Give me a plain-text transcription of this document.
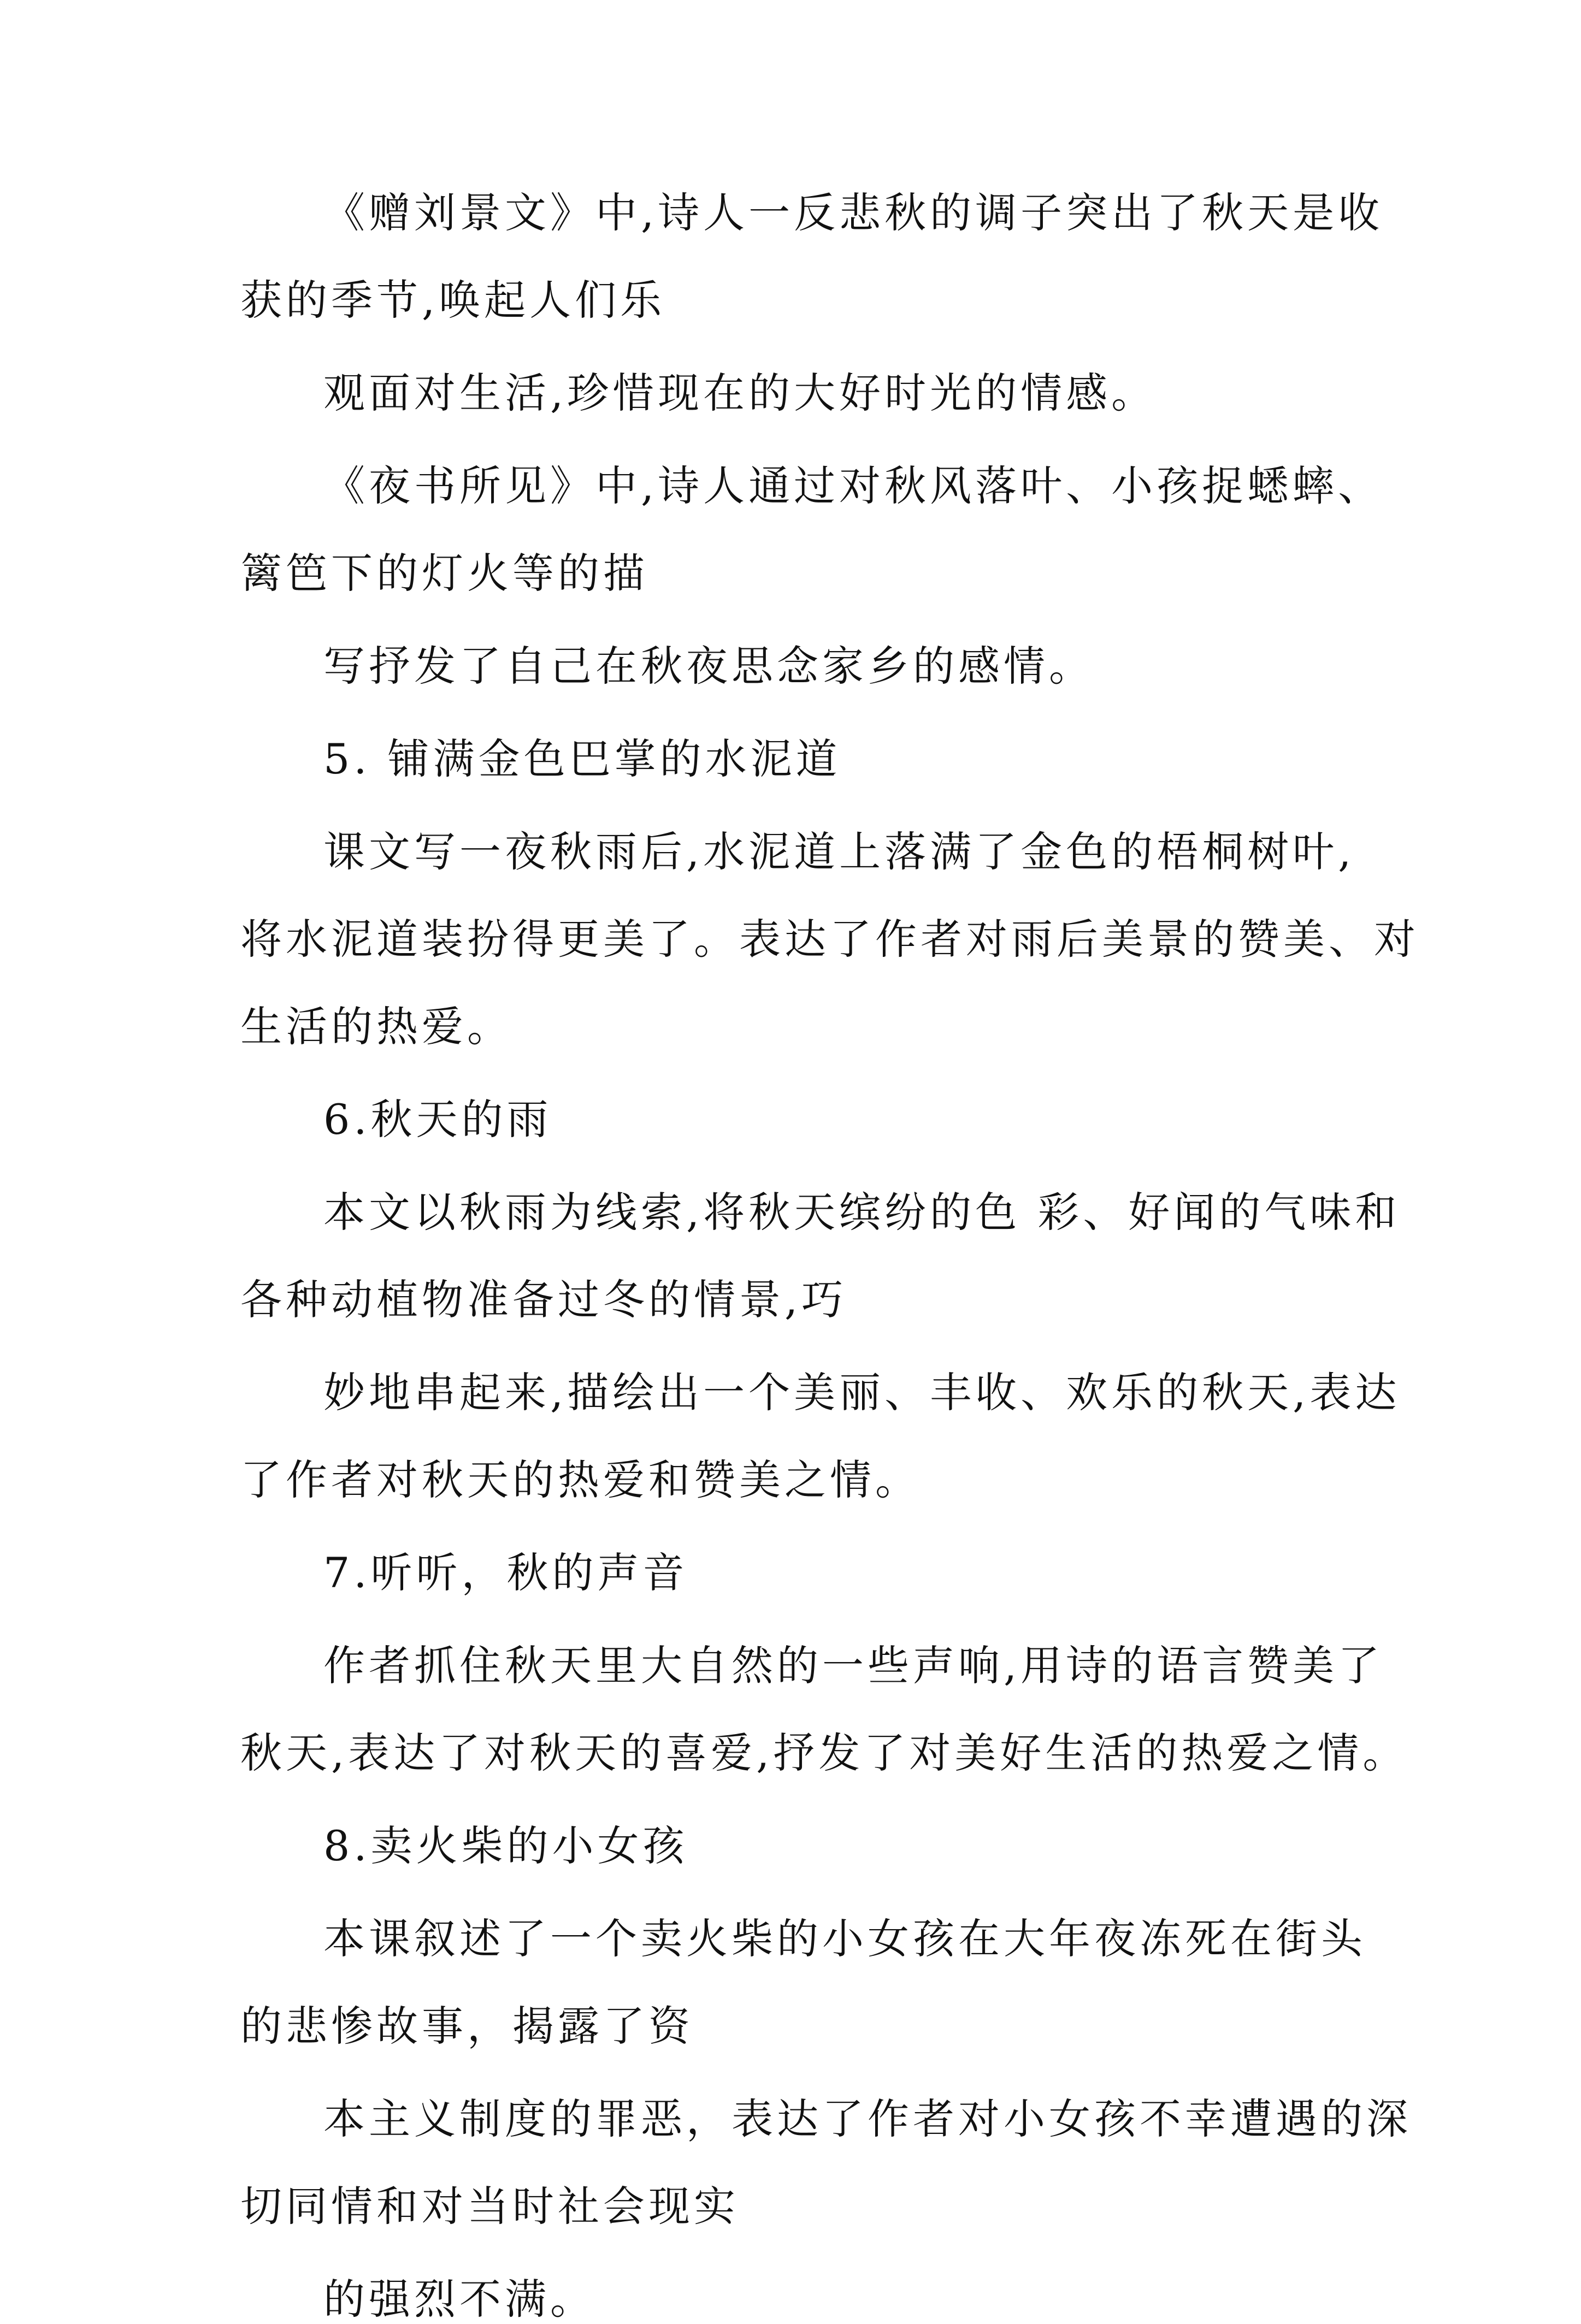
《赠刘景文》中,诗人一反悲秋的调子突出了秋天是收
获的季节,唤起人们乐
观面对生活,珍惜现在的大好时光的情感。
《夜书所见》中,诗人通过对秋风落叶、小孩捉蟋蟀、
篱笆下的灯火等的描
写抒发了自己在秋夜思念家乡的感情。
5. 铺满金色巴掌的水泥道
课文写一夜秋雨后,水泥道上落满了金色的梧桐树叶,
将水泥道装扮得更美了。表达了作者对雨后美景的赞美、对
生活的热爱。
6.秋天的雨
本文以秋雨为线索,将秋天缤纷的色 彩、好闻的气味和
各种动植物准备过冬的情景,巧
妙地串起来,描绘出一个美丽、丰收、欢乐的秋天,表达
了作者对秋天的热爱和赞美之情。
7.听听，秋的声音
作者抓住秋天里大自然的一些声响,用诗的语言赞美了
秋天,表达了对秋天的喜爱,抒发了对美好生活的热爱之情。
8.卖火柴的小女孩
本课叙述了一个卖火柴的小女孩在大年夜冻死在街头
的悲惨故事，揭露了资
本主义制度的罪恶，表达了作者对小女孩不幸遭遇的深
切同情和对当时社会现实
的强烈不满。
